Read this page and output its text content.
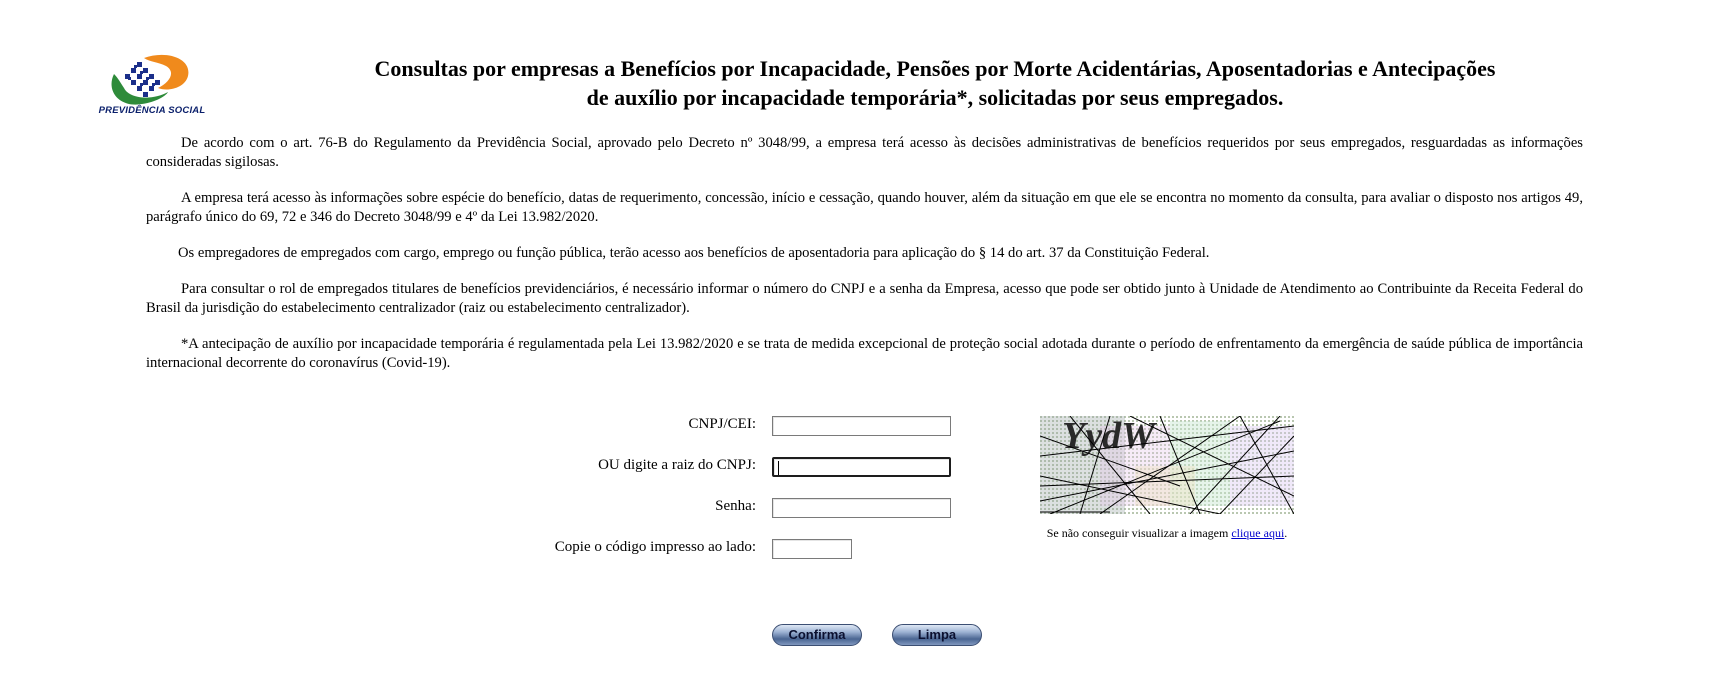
PREVIDÊNCIA SOCIAL
Consultas por empresas a Benefícios por Incapacidade, Pensões por Morte Acidentárias, Aposentadorias e Antecipações
de auxílio por incapacidade temporária*, solicitadas por seus empregados.

De acordo com o art. 76-B do Regulamento da Previdência Social, aprovado pelo Decreto nº 3048/99, a empresa terá acesso às decisões administrativas de benefícios requeridos por seus empregados, resguardadas as informações consideradas sigilosas.

A empresa terá acesso às informações sobre espécie do benefício, datas de requerimento, concessão, início e cessação, quando houver, além da situação em que ele se encontra no momento da consulta, para avaliar o disposto nos artigos 49, parágrafo único do 69, 72 e 346 do Decreto 3048/99 e 4º da Lei 13.982/2020.

Os empregadores de empregados com cargo, emprego ou função pública, terão acesso aos benefícios de aposentadoria para aplicação do § 14 do art. 37 da Constituição Federal.

Para consultar o rol de empregados titulares de benefícios previdenciários, é necessário informar o número do CNPJ e a senha da Empresa, acesso que pode ser obtido junto à Unidade de Atendimento ao Contribuinte da Receita Federal do Brasil da jurisdição do estabelecimento centralizador (raiz ou estabelecimento centralizador).

*A antecipação de auxílio por incapacidade temporária é regulamentada pela Lei 13.982/2020 e se trata de medida excepcional de proteção social adotada durante o período de enfrentamento da emergência de saúde pública de importância internacional decorrente do coronavírus (Covid-19).

CNPJ/CEI:
OU digite a raiz do CNPJ:
Senha:
Copie o código impresso ao lado:
YydW
Se não conseguir visualizar a imagem clique aqui.
Confirma	Limpa
